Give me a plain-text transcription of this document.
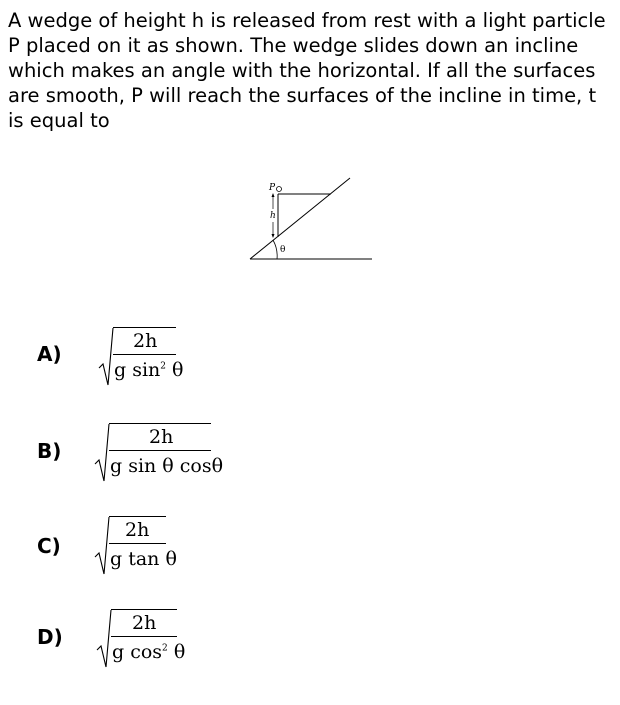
A wedge of height h is released from rest with a light particle P placed on it as shown. The wedge slides down an incline which makes an angle with the horizontal. If all the surfaces are smooth, P will reach the surfaces of the incline in time, t is equal to

P
h
θ
A)
2h
g $\sin^2 \theta$
B)
2h
g sin θ cosθ
C)
2h
g tan θ
D)
2h
g $\cos^2 \theta$
